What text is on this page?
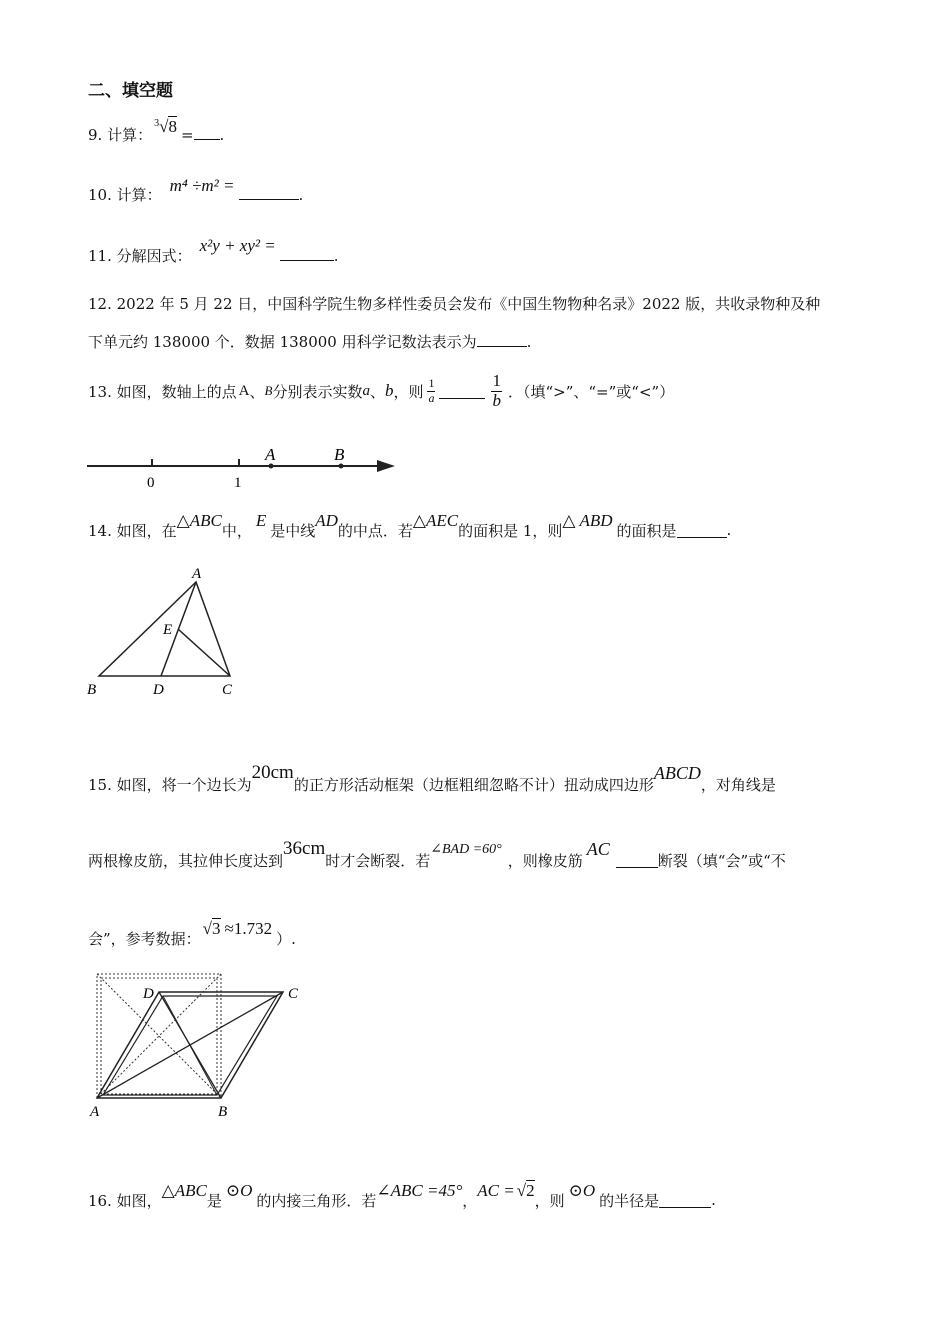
二、填空题
9. 计算：$^3$√8 = .
10. 计算： m⁴ ÷m² =	.
11. 分解因式：x²y + xy² =.
12. 2022 年 5 月 22 日，中国科学院生物多样性委员会发布《中国生物物种名录》2022 版，共收录物种及种
下单元约 138000 个．数据 138000 用科学记数法表示为	.
13. 如图，数轴上的点 A 、 B 分别表示实数 a 、 b ，则 $\frac{1}{a}$	$\frac{1}{b}$ ．（填“>”、“=”或“<”）
0	1
A	B
14. 如图，在
△ABC
中，
E
是中线
AD
的中点．若
△AEC
的面积是 1，则
△ ABD
的面积是	.
A
E
B	D	C
15. 如图，将一个边长为
20cm
的正方形活动框架（边框粗细忽略不计）扭动成四边形
ABCD
，对角线是
两根橡皮筋，其拉伸长度达到
36cm
时才会断裂．若
∠BAD =60°
，则橡皮筋
AC
断裂（填“会”或“不
会”，参考数据：
√3 ≈1.732
）.
A	B
C
D
16. 如图，
△ABC
是
⊙O
的内接三角形．若
∠ABC =45°
，
AC = √2
，则
⊙O
的半径是	.
